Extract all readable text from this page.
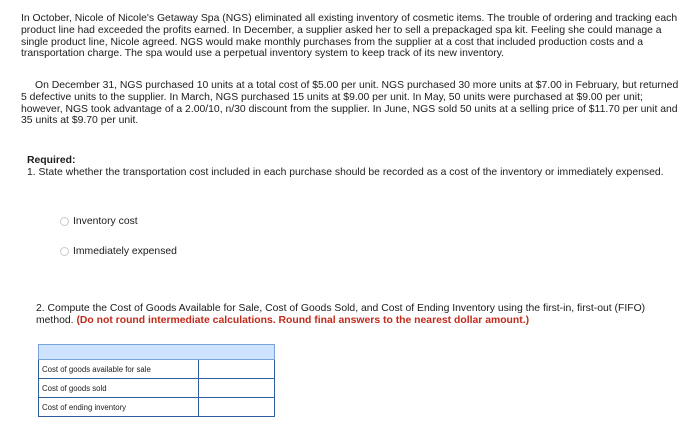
In October, Nicole of Nicole's Getaway Spa (NGS) eliminated all existing inventory of cosmetic items. The trouble of ordering and tracking each product line had exceeded the profits earned. In December, a supplier asked her to sell a prepackaged spa kit. Feeling she could manage a single product line, Nicole agreed. NGS would make monthly purchases from the supplier at a cost that included production costs and a transportation charge. The spa would use a perpetual inventory system to keep track of its new inventory.

On December 31, NGS purchased 10 units at a total cost of $5.00 per unit. NGS purchased 30 more units at $7.00 in February, but returned 5 defective units to the supplier. In March, NGS purchased 15 units at $9.00 per unit. In May, 50 units were purchased at $9.00 per unit; however, NGS took advantage of a 2.00/10, n/30 discount from the supplier. In June, NGS sold 50 units at a selling price of $11.70 per unit and 35 units at $9.70 per unit.

Required:
1. State whether the transportation cost included in each purchase should be recorded as a cost of the inventory or immediately expensed.
Inventory cost
Immediately expensed
2. Compute the Cost of Goods Available for Sale, Cost of Goods Sold, and Cost of Ending Inventory using the first-in, first-out (FIFO) method. (Do not round intermediate calculations. Round final answers to the nearest dollar amount.)

Cost of goods available for sale	
Cost of goods sold	
Cost of ending inventory	
